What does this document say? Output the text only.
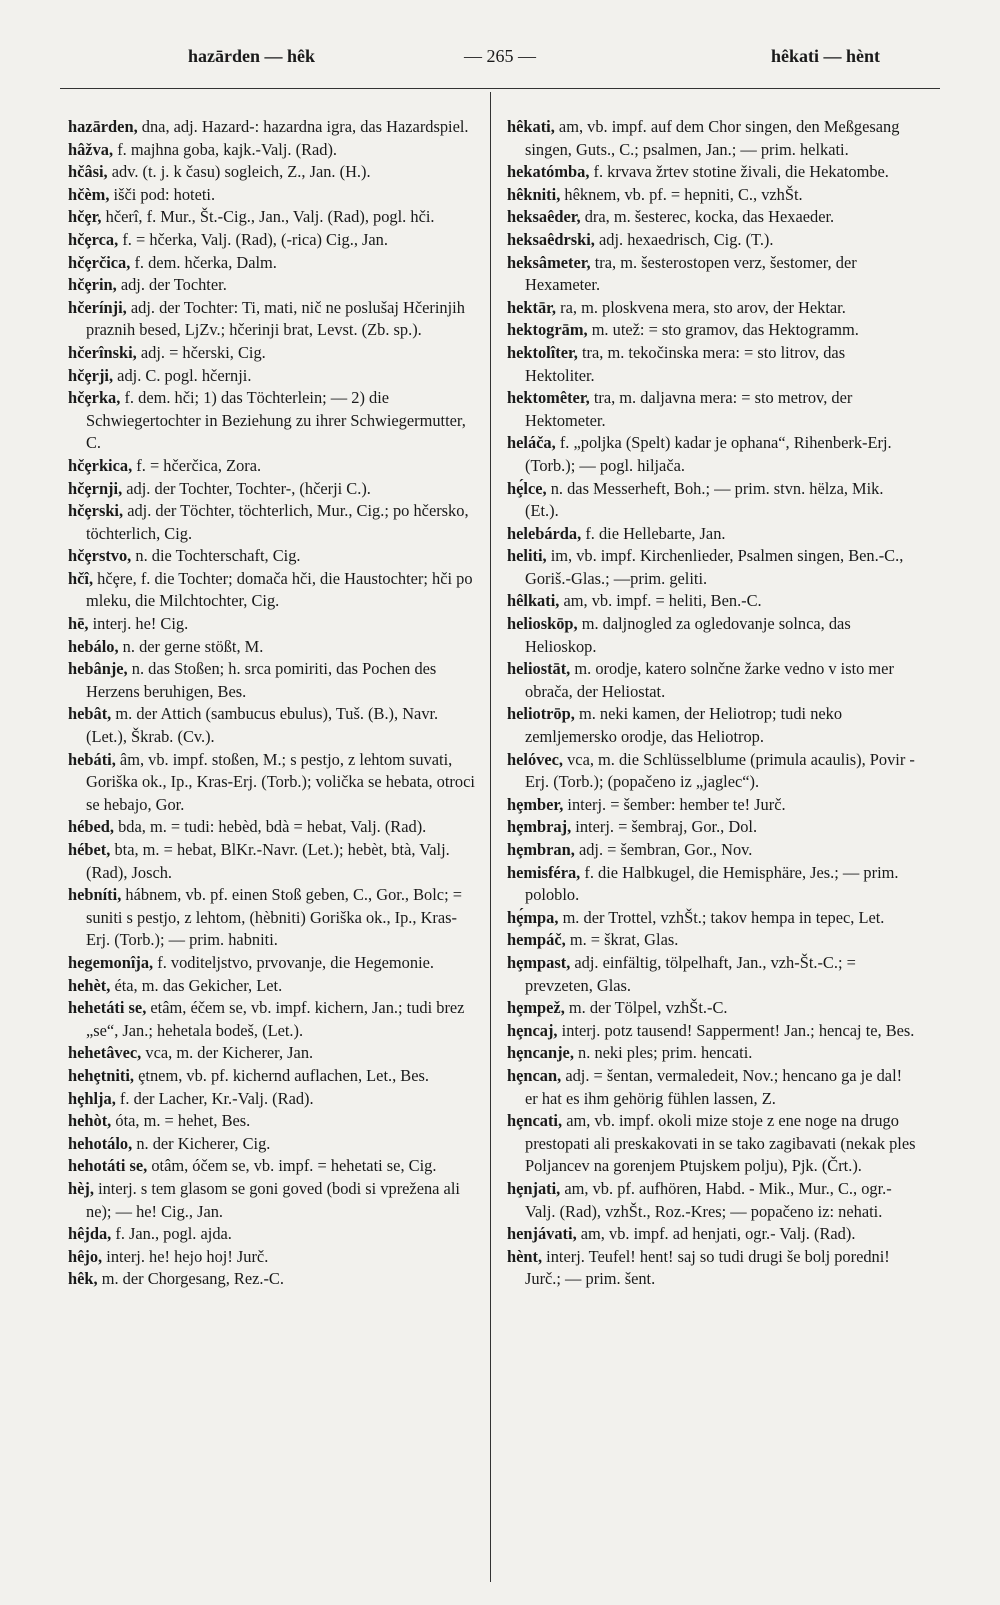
hazārden — hêk	— 265 —	hêkati — hènt
hazārden, dna, adj. Hazard-: hazardna igra, das Hazardspiel.
hâžva, f. majhna goba, kajk.-Valj. (Rad).
hčâsi, adv. (t. j. k času) sogleich, Z., Jan. (H.).
hčèm, išči pod: hoteti.
hčȩr, hčerî, f. Mur., Št.-Cig., Jan., Valj. (Rad), pogl. hči.
hčȩrca, f. = hčerka, Valj. (Rad), (-rica) Cig., Jan.
hčȩrčica, f. dem. hčerka, Dalm.
hčȩrin, adj. der Tochter.
hčerínji, adj. der Tochter: Ti, mati, nič ne poslušaj Hčerinjih praznih besed, LjZv.; hčerinji brat, Levst. (Zb. sp.).
hčerînski, adj. = hčerski, Cig.
hčȩrji, adj. C. pogl. hčernji.
hčȩrka, f. dem. hči; 1) das Töchterlein; — 2) die Schwiegertochter in Beziehung zu ihrer Schwiegermutter, C.
hčȩrkica, f. = hčerčica, Zora.
hčȩrnji, adj. der Tochter, Tochter-, (hčerji C.).
hčȩrski, adj. der Töchter, töchterlich, Mur., Cig.; po hčersko, töchterlich, Cig.
hčȩrstvo, n. die Tochterschaft, Cig.
hčî, hčȩre, f. die Tochter; domača hči, die Haustochter; hči po mleku, die Milchtochter, Cig.
hē, interj. he! Cig.
hebálo, n. der gerne stößt, M.
hebânje, n. das Stoßen; h. srca pomiriti, das Pochen des Herzens beruhigen, Bes.
hebât, m. der Attich (sambucus ebulus), Tuš. (B.), Navr. (Let.), Škrab. (Cv.).
hebáti, âm, vb. impf. stoßen, M.; s pestjo, z lehtom suvati, Goriška ok., Ip., Kras-Erj. (Torb.); volička se hebata, otroci se hebajo, Gor.
hébed, bda, m. = tudi: hebèd, bdà = hebat, Valj. (Rad).
hébet, bta, m. = hebat, BlKr.-Navr. (Let.); hebèt, btà, Valj. (Rad), Josch.
hebníti, hábnem, vb. pf. einen Stoß geben, C., Gor., Bolc; = suniti s pestjo, z lehtom, (hèbniti) Goriška ok., Ip., Kras-Erj. (Torb.); — prim. habniti.
hegemonîja, f. voditeljstvo, prvovanje, die Hegemonie.
hehèt, éta, m. das Gekicher, Let.
hehetáti se, etâm, éčem se, vb. impf. kichern, Jan.; tudi brez „se“, Jan.; hehetala bodeš, (Let.).
hehetâvec, vca, m. der Kicherer, Jan.
hehȩtniti, ȩtnem, vb. pf. kichernd auflachen, Let., Bes.
hȩhlja, f. der Lacher, Kr.-Valj. (Rad).
hehòt, óta, m. = hehet, Bes.
hehotálo, n. der Kicherer, Cig.
hehotáti se, otâm, óčem se, vb. impf. = hehetati se, Cig.
hèj, interj. s tem glasom se goni goved (bodi si vprežena ali ne); — he! Cig., Jan.
hêjda, f. Jan., pogl. ajda.
hêjo, interj. he! hejo hoj! Jurč.
hêk, m. der Chorgesang, Rez.-C.
hêkati, am, vb. impf. auf dem Chor singen, den Meßgesang singen, Guts., C.; psalmen, Jan.; — prim. helkati.
hekatómba, f. krvava žrtev stotine živali, die Hekatombe.
hêkniti, hêknem, vb. pf. = hepniti, C., vzhŠt.
heksaêder, dra, m. šesterec, kocka, das Hexaeder.
heksaêdrski, adj. hexaedrisch, Cig. (T.).
heksâmeter, tra, m. šesterostopen verz, šestomer, der Hexameter.
hektār, ra, m. ploskvena mera, sto arov, der Hektar.
hektogrām, m. utež: = sto gramov, das Hektogramm.
hektolîter, tra, m. tekočinska mera: = sto litrov, das Hektoliter.
hektomêter, tra, m. daljavna mera: = sto metrov, der Hektometer.
heláča, f. „poljka (Spelt) kadar je ophana“, Rihenberk-Erj. (Torb.); — pogl. hiljača.
hȩ́lce, n. das Messerheft, Boh.; — prim. stvn. hëlza, Mik. (Et.).
helebárda, f. die Hellebarte, Jan.
heliti, im, vb. impf. Kirchenlieder, Psalmen singen, Ben.-C., Goriš.-Glas.; —prim. geliti.
hêlkati, am, vb. impf. = heliti, Ben.-C.
helioskōp, m. daljnogled za ogledovanje solnca, das Helioskop.
heliostāt, m. orodje, katero solnčne žarke vedno v isto mer obrača, der Heliostat.
heliotrōp, m. neki kamen, der Heliotrop; tudi neko zemljemersko orodje, das Heliotrop.
helóvec, vca, m. die Schlüsselblume (primula acaulis), Povir - Erj. (Torb.); (popačeno iz „jaglec“).
hȩmber, interj. = šember: hember te! Jurč.
hȩmbraj, interj. = šembraj, Gor., Dol.
hȩmbran, adj. = šembran, Gor., Nov.
hemisféra, f. die Halbkugel, die Hemisphäre, Jes.; — prim. poloblo.
hȩ́mpa, m. der Trottel, vzhŠt.; takov hempa in tepec, Let.
hempáč, m. = škrat, Glas.
hȩmpast, adj. einfältig, tölpelhaft, Jan., vzh-Št.-C.; = prevzeten, Glas.
hȩmpež, m. der Tölpel, vzhŠt.-C.
hȩncaj, interj. potz tausend! Sapperment! Jan.; hencaj te, Bes.
hȩncanje, n. neki ples; prim. hencati.
hȩncan, adj. = šentan, vermaledeit, Nov.; hencano ga je dal! er hat es ihm gehörig fühlen lassen, Z.
hȩncati, am, vb. impf. okoli mize stoje z ene noge na drugo prestopati ali preskakovati in se tako zagibavati (nekak ples Poljancev na gorenjem Ptujskem polju), Pjk. (Črt.).
hȩnjati, am, vb. pf. aufhören, Habd. - Mik., Mur., C., ogr.- Valj. (Rad), vzhŠt., Roz.-Kres; — popačeno iz: nehati.
henjávati, am, vb. impf. ad henjati, ogr.- Valj. (Rad).
hènt, interj. Teufel! hent! saj so tudi drugi še bolj poredni! Jurč.; — prim. šent.
